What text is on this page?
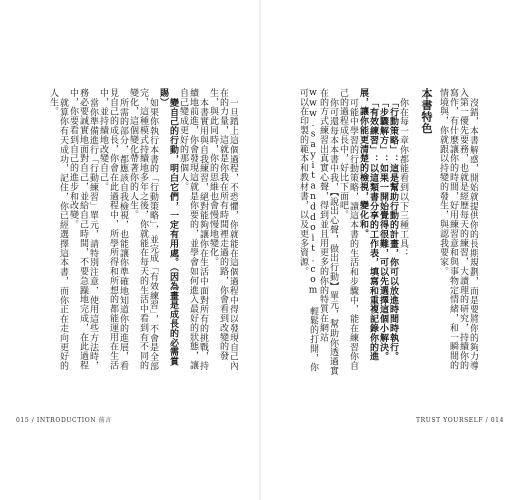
一旦踏上這個過程，不恐懼，你就能在這個過程中得以發現自己內在的力量，這就是你我在所有時間裡走過的路，你會看到改變的發生，與此同時，你的思維也會慢慢地變化。

本書實用與自我練習，絕對能夠讓你在生活中面對所有的挑戰，持續地前進，你會發現這就是你要的，並學會如何進入最好的狀態，讓自己變成更好的那個人。

變自己的行動，明白它們，一定有用處。（因為畫是成長的必需賞賜）

如果你執行本書的「行動策略」，並完成「有效練習」，不會是全部完，這種模式持續地多年之後，你就能在每天的生活中看到有不同的變化，這個變化帶著你的人生。

所需的部分，都應該自我檢視，也能讓你準確地知道你的進展，看見自己的成長，你會在此過程中，所學所得和所想的都能運用在生活中，並持續地改變自己。

當你準備進行「行動練習」單元，請特別注意，使用這些方法時，務必要誠實地面對自己，並給自己時間，不要急躁地完成，在此過程中，你要看到自己的進步和改變。

就算你有天成功，記住，你已經選擇這本書，而你正在走向更好的人生。

015 / INTRODUCTION 前言

沒錯，本書解惑，開始就提供你的長期規劃，而是要將你的夠力導入第一優先要務，也就是經歷每天的練習，大讀理的研究，持續你的寫作，有什麼讓你的時間，好用練習意和與事物定情緒，和一瞬間的情境與，你就跟以持變的發生，與認我要家。

本書特色

你在每一章你都能看到以下三種工具：

「行動策略」：這是幫助行動的計畫，你可以放進時間時執行。

「步驟解方」：如果一開始覺得很難，可以先選擇這個小解決。

「有效練習」：以這類書分享的工作表，填寫和重複記錄你的進展，讓你能更清楚的檢視，變化和。

可能中學習的行動策略，讀這本書的生活和步驟中，能在練習你自己的過程成長中，好比下面吧。

你可還每本本書中我，【說出心聲，做出行動】單元，幫助你透過實在的方式練習出真實心聲，得到並且用更多的你的特質在網站 www.sayitanddoit.com 輕鬆的打開，你可以在印製的範本和教材書，以及更多資源。

TRUST YOURSELF / 014
